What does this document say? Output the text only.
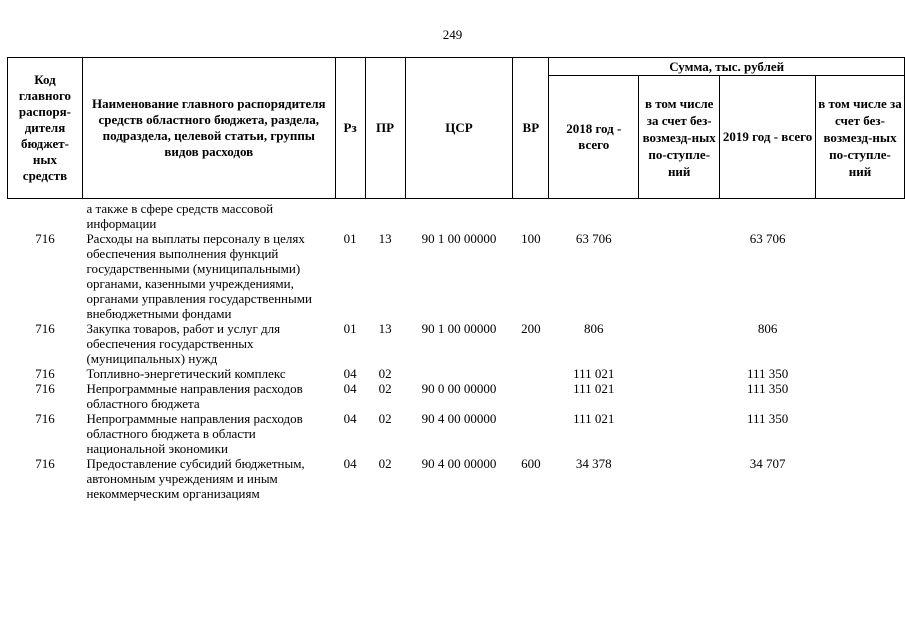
249
Код главного распоря-дителя бюджет-ных средств	Наименование главного распорядителя средств областного бюджета, раздела, подраздела, целевой статьи, группы видов расходов	Рз	ПР	ЦСР	ВР	Сумма, тыс. рублей			
						2018 год - всего	в том числе за счет без-возмезд-ных по-ступле-ний	2019 год - всего	в том числе за счет без-возмезд-ных по-ступле-ний

	а также в сфере средств массовой информации								
716	Расходы на выплаты персоналу в целях обеспечения выполнения функций государственными (муниципальными) органами, казенными учреждениями, органами управления государственными внебюджетными фондами	01	13	90 1 00 00000	100	63 706		63 706	
716	Закупка товаров, работ и услуг для обеспечения государственных (муниципальных) нужд	01	13	90 1 00 00000	200	806		806	
716	Топливно-энергетический комплекс	04	02			111 021		111 350	
716	Непрограммные направления расходов областного бюджета	04	02	90 0 00 00000		111 021		111 350	
716	Непрограммные направления расходов областного бюджета в области национальной экономики	04	02	90 4 00 00000		111 021		111 350	
716	Предоставление субсидий бюджетным, автономным учреждениям и иным некоммерческим организациям	04	02	90 4 00 00000	600	34 378		34 707	
